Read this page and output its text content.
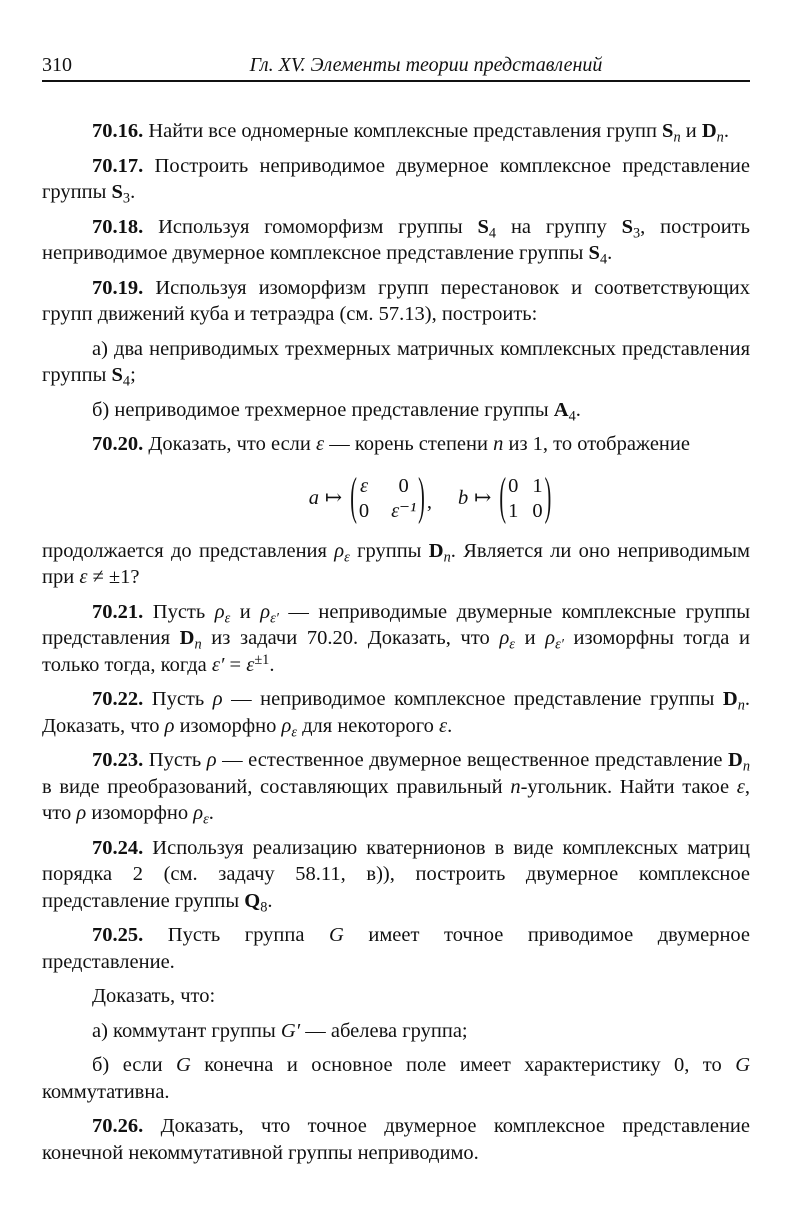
310	Гл. XV. Элементы теории представлений

70.16. Найти все одномерные комплексные представления групп $S_n$ и $D_n$.

70.17. Построить неприводимое двумерное комплексное представление группы $S_3$.

70.18. Используя гомоморфизм группы $S_4$ на группу $S_3$, построить неприводимое двумерное комплексное представление группы $S_4$.

70.19. Используя изоморфизм групп перестановок и соответствующих групп движений куба и тетраэдра (см. 57.13), построить:

а) два неприводимых трехмерных матричных комплексных представления группы $S_4$;

б) неприводимое трехмерное представление группы $A_4$.

70.20. Доказать, что если ε — корень степени n из 1, то отображение

a ↦ ( ε	0
0 ε⁻¹ ) , b ↦ ( 0 1
1 0 )

продолжается до представления $\rho_\varepsilon$ группы $D_n$. Является ли оно неприводимым при ε ≠ ±1?

70.21. Пусть $\rho_\varepsilon$ и $\rho_{\varepsilon'}$ — неприводимые двумерные комплексные группы представления $D_n$ из задачи 70.20. Доказать, что $\rho_\varepsilon$ и $\rho_{\varepsilon'}$ изоморфны тогда и только тогда, когда $\varepsilon' = \varepsilon^{\pm 1}$.

70.22. Пусть ρ — неприводимое комплексное представление группы $D_n$. Доказать, что ρ изоморфно $\rho_\varepsilon$ для некоторого ε.

70.23. Пусть ρ — естественное двумерное вещественное представление $D_n$ в виде преобразований, составляющих правильный n-угольник. Найти такое ε, что ρ изоморфно $\rho_\varepsilon$.

70.24. Используя реализацию кватернионов в виде комплексных матриц порядка 2 (см. задачу 58.11, в)), построить двумерное комплексное представление группы $Q_8$.

70.25. Пусть группа G имеет точное приводимое двумерное представление.

Доказать, что:

а) коммутант группы G′ — абелева группа;

б) если G конечна и основное поле имеет характеристику 0, то G коммутативна.

70.26. Доказать, что точное двумерное комплексное представление конечной некоммутативной группы неприводимо.
